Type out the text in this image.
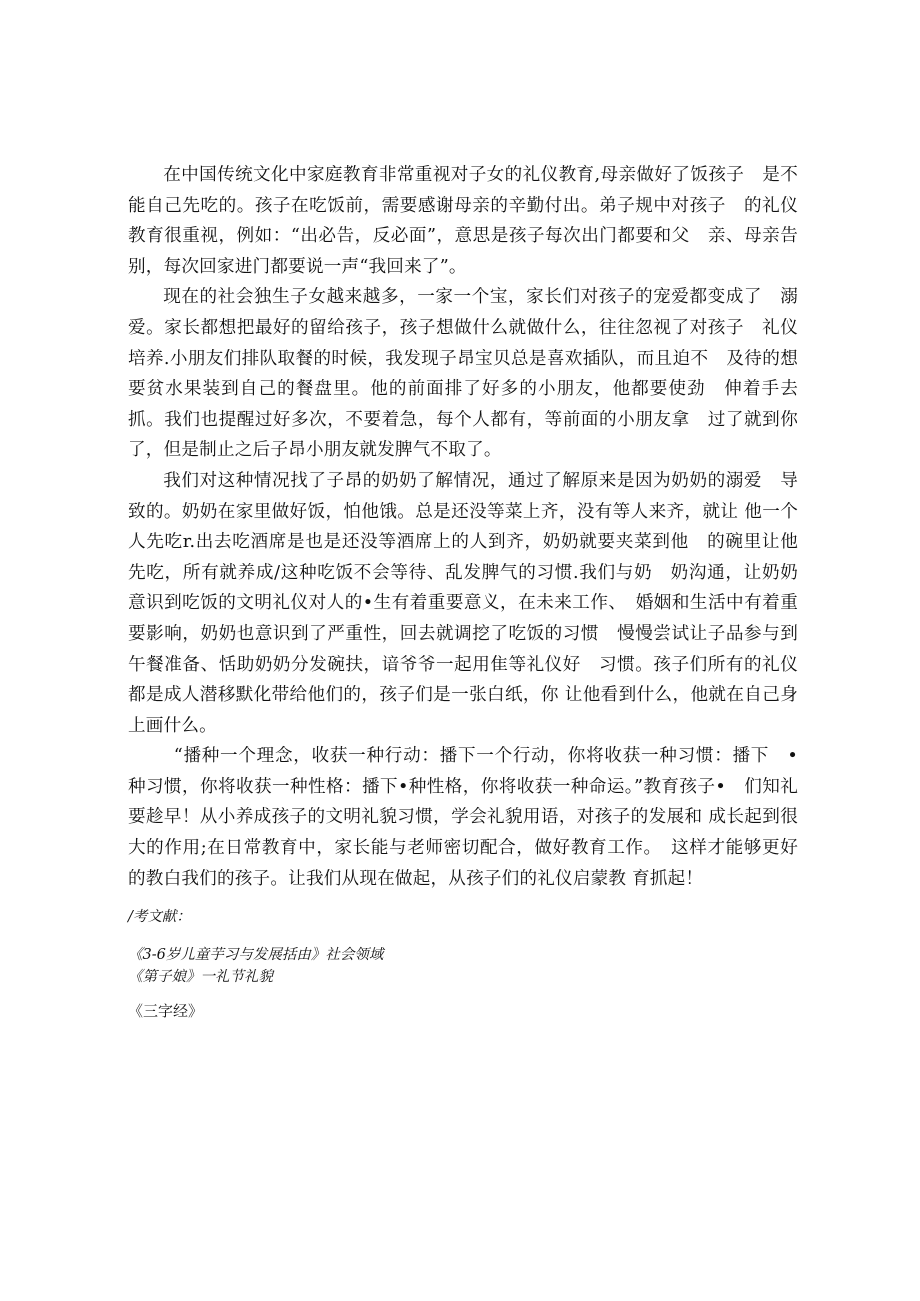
在中国传统文化中家庭教育非常重视对子女的礼仪教育,母亲做好了饭孩子　是不能自己先吃的。孩子在吃饭前，需要感谢母亲的辛勤付出。弟子规中对孩子　的礼仪教育很重视，例如：“出必告，反必面”，意思是孩子每次出门都要和父　亲、母亲告别，每次回家进门都要说一声“我回来了”。

现在的社会独生子女越来越多，一家一个宝，家长们对孩子的宠爱都变成了　溺爱。家长都想把最好的留给孩子，孩子想做什么就做什么，往往忽视了对孩子　礼仪培养.小朋友们排队取餐的时候，我发现子昂宝贝总是喜欢插队，而且迫不　及待的想要贫水果装到自己的餐盘里。他的前面排了好多的小朋友，他都要使劲　伸着手去抓。我们也提醒过好多次，不要着急，每个人都有，等前面的小朋友拿　过了就到你了，但是制止之后子昂小朋友就发脾气不取了。

我们对这种情况找了子昂的奶奶了解情况，通过了解原来是因为奶奶的溺爱　导致的。奶奶在家里做好饭，怕他饿。总是还没等菜上齐，没有等人来齐，就让 他一个人先吃r.出去吃酒席是也是还没等酒席上的人到齐，奶奶就要夹菜到他　的碗里让他先吃，所有就养成/这种吃饭不会等待、乱发脾气的习惯.我们与奶　奶沟通，让奶奶意识到吃饭的文明礼仪对人的•生有着重要意义，在未来工作、　婚姻和生活中有着重要影响，奶奶也意识到了严重性，回去就调挖了吃饭的习惯　慢慢尝试让子品参与到午餐准备、恬助奶奶分发碗扶，谙爷爷一起用隹等礼仪好　习惯。孩子们所有的礼仪都是成人潜移默化带给他们的，孩子们是一张白纸，你 让他看到什么，他就在自己身上画什么。

“播种一个理念，收获一种行动：播下一个行动，你将收获一种习惯：播下　•种习惯，你将收获一种性格：播下•种性格，你将收获一种命运。”教育孩子•　们知礼要趁早！从小养成孩子的文明礼貌习惯，学会礼貌用语，对孩子的发展和 成长起到很大的作用;在日常教育中，家长能与老师密切配合，做好教育工作。　这样才能够更好的教白我们的孩子。让我们从现在做起，从孩子们的礼仪启蒙教 育抓起！

/考文献：

《3-6岁儿童芋习与发展括由》社会领域

《第子娘》一礼节礼貌

《三字经》
